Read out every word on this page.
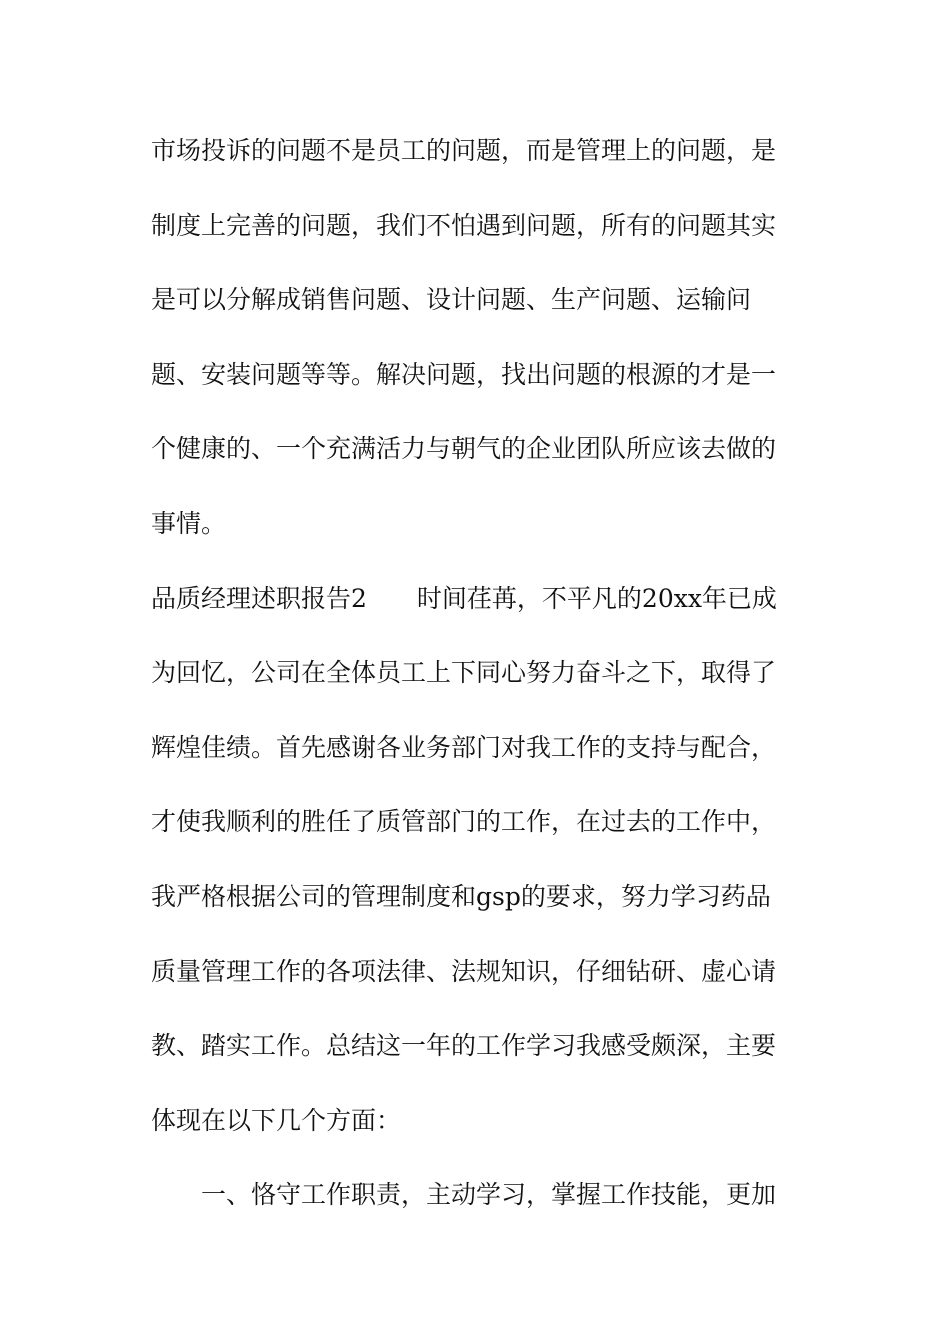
市场投诉的问题不是员工的问题，而是管理上的问题，是
制度上完善的问题，我们不怕遇到问题，所有的问题其实
是可以分解成销售问题、设计问题、生产问题、运输问
题、安装问题等等。解决问题，找出问题的根源的才是一
个健康的、一个充满活力与朝气的企业团队所应该去做的
事情。
品质经理述职报告2 时间荏苒，不平凡的20xx年已成
为回忆，公司在全体员工上下同心努力奋斗之下，取得了
辉煌佳绩。首先感谢各业务部门对我工作的支持与配合，
才使我顺利的胜任了质管部门的工作，在过去的工作中，
我严格根据公司的管理制度和gsp的要求，努力学习药品
质量管理工作的各项法律、法规知识，仔细钻研、虚心请
教、踏实工作。总结这一年的工作学习我感受颇深，主要
体现在以下几个方面：
一、恪守工作职责，主动学习，掌握工作技能，更加
